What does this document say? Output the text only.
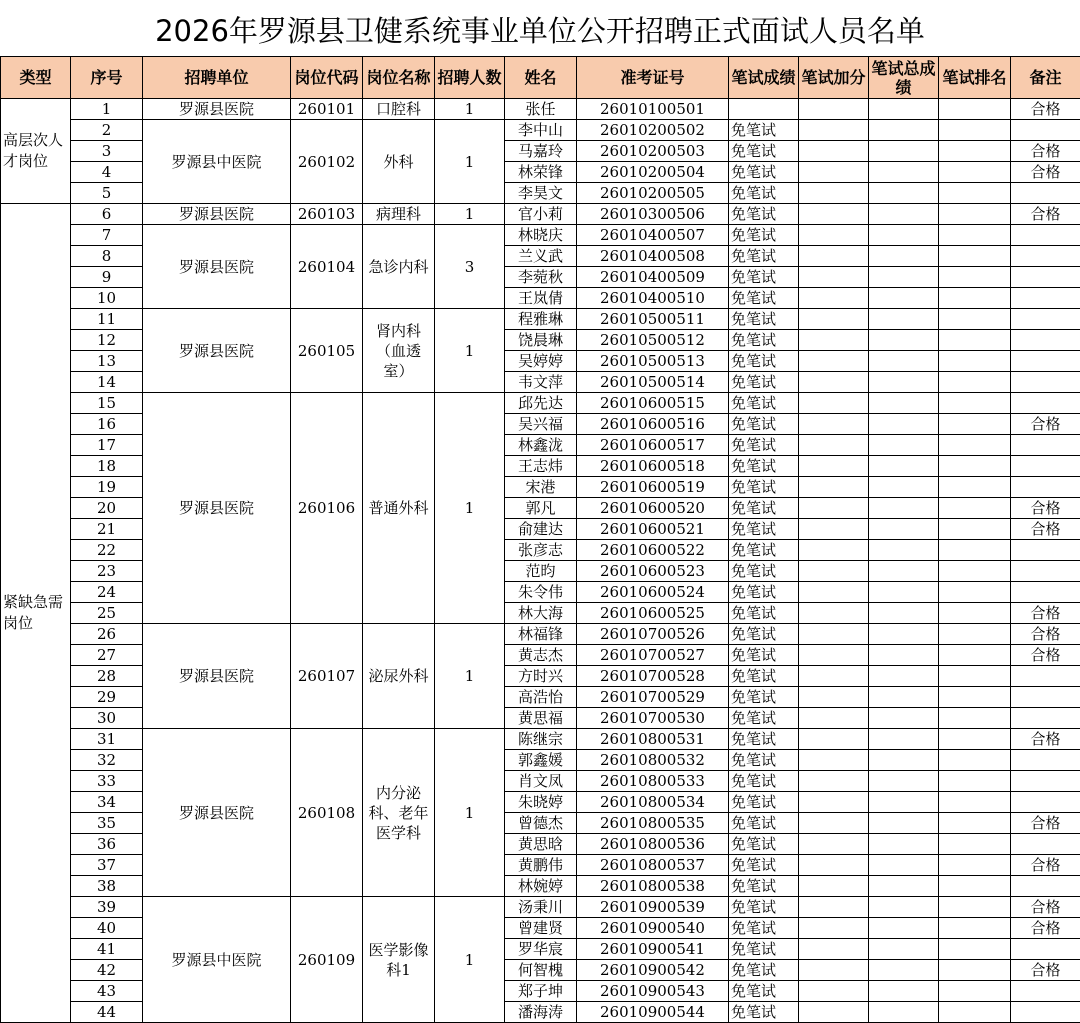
2026年罗源县卫健系统事业单位公开招聘正式面试人员名单
类型	序号	招聘单位	岗位代码	岗位名称	招聘人数	姓名	准考证号	笔试成绩	笔试加分	笔试总成绩	笔试排名	备注
高层次人才岗位	1	罗源县医院	260101	口腔科	1	张任	26010100501					合格
	2	罗源县中医院	260102	外科	1	李中山	26010200502	免笔试				
	3					马嘉玲	26010200503	免笔试				合格
	4					林荣锋	26010200504	免笔试				合格
	5					李昊文	26010200505	免笔试				
紧缺急需岗位	6	罗源县医院	260103	病理科	1	官小莉	26010300506	免笔试				合格
	7	罗源县医院	260104	急诊内科	3	林晓庆	26010400507	免笔试				
	8					兰义武	26010400508	免笔试				
	9					李菀秋	26010400509	免笔试				
	10					王岚倩	26010400510	免笔试				
	11	罗源县医院	260105	肾内科（血透室）	1	程雅琳	26010500511	免笔试				
	12					饶晨琳	26010500512	免笔试				
	13					吴婷婷	26010500513	免笔试				
	14					韦文萍	26010500514	免笔试				
	15	罗源县医院	260106	普通外科	1	邱先达	26010600515	免笔试				
	16					吴兴福	26010600516	免笔试				合格
	17					林鑫泷	26010600517	免笔试				
	18					王志炜	26010600518	免笔试				
	19					宋港	26010600519	免笔试				
	20					郭凡	26010600520	免笔试				合格
	21					俞建达	26010600521	免笔试				合格
	22					张彦志	26010600522	免笔试				
	23					范昀	26010600523	免笔试				
	24					朱令伟	26010600524	免笔试				
	25					林大海	26010600525	免笔试				合格
	26	罗源县医院	260107	泌尿外科	1	林福锋	26010700526	免笔试				合格
	27					黄志杰	26010700527	免笔试				合格
	28					方时兴	26010700528	免笔试				
	29					高浩怡	26010700529	免笔试				
	30					黄思福	26010700530	免笔试				
	31	罗源县医院	260108	内分泌科、老年医学科	1	陈继宗	26010800531	免笔试				合格
	32					郭鑫媛	26010800532	免笔试				
	33					肖文凤	26010800533	免笔试				
	34					朱晓婷	26010800534	免笔试				
	35					曾德杰	26010800535	免笔试				合格
	36					黄思晗	26010800536	免笔试				
	37					黄鹏伟	26010800537	免笔试				合格
	38					林婉婷	26010800538	免笔试				
	39	罗源县中医院	260109	医学影像科1	1	汤秉川	26010900539	免笔试				合格
	40					曾建贤	26010900540	免笔试				合格
	41					罗华宸	26010900541	免笔试				
	42					何智槐	26010900542	免笔试				合格
	43					郑子坤	26010900543	免笔试				
	44					潘海涛	26010900544	免笔试				
